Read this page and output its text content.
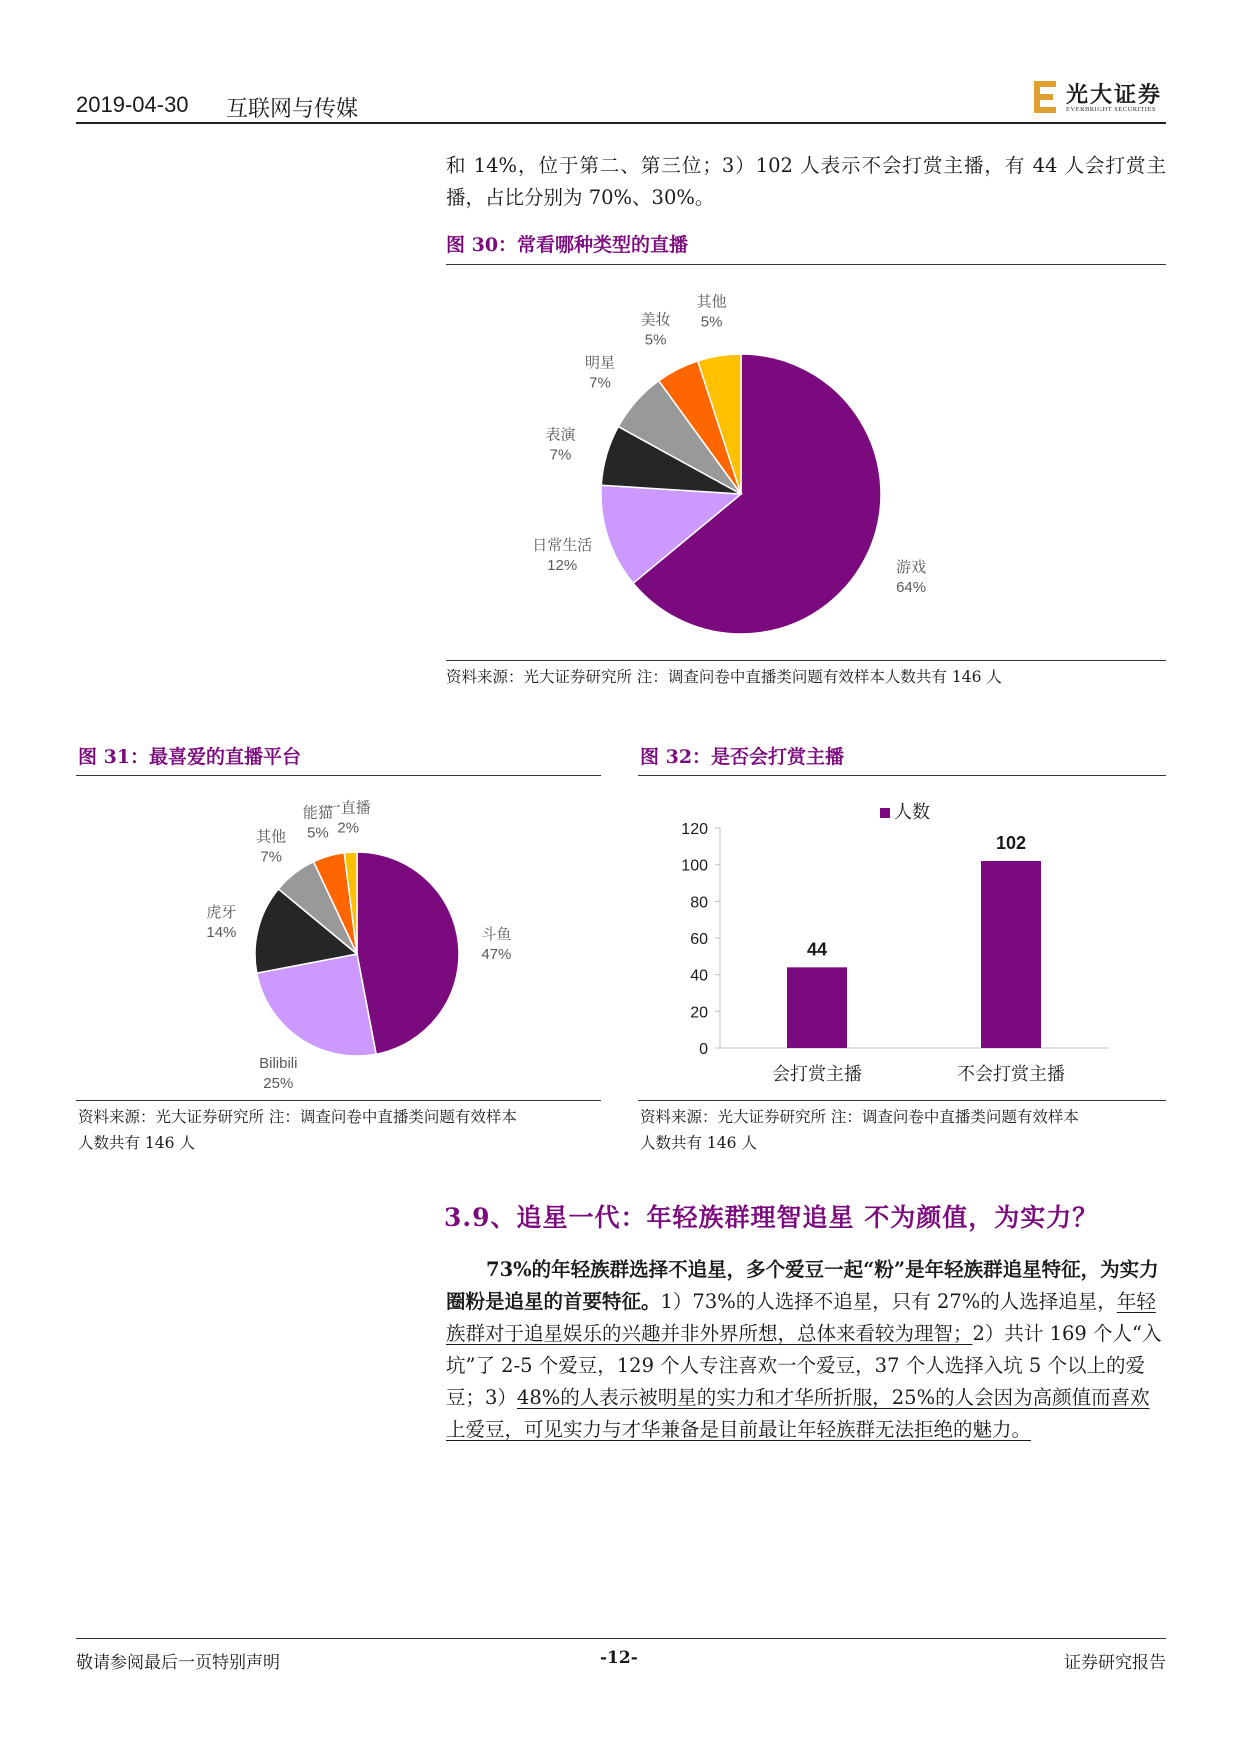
2019-04-30 互联网与传媒
光大证券
EVERBRIGHT SECURITIES
和 14%，位于第二、第三位；3）102 人表示不会打赏主播，有 44 人会打赏主播，占比分别为 70%、30%。
图 30：常看哪种类型的直播
游戏
64%
日常生活
12%
表演
7%
明星
7%
美妆
5%
其他
5%
资料来源：光大证券研究所 注：调查问卷中直播类问题有效样本人数共有 146 人
图 31：最喜爱的直播平台
斗鱼
47%
Bilibili
25%
虎牙
14%
其他
7%
能猫
5%
一直播
2%
资料来源：光大证券研究所 注：调查问卷中直播类问题有效样本
人数共有 146 人
图 32：是否会打赏主播
0
20
40
60
80
100
120
44
会打赏主播
102
不会打赏主播
人数
资料来源：光大证券研究所 注：调查问卷中直播类问题有效样本
人数共有 146 人
3.9、追星一代：年轻族群理智追星 不为颜值，为实力？
73%的年轻族群选择不追星，多个爱豆一起“粉”是年轻族群追星特征，为实力圈粉是追星的首要特征。1）73%的人选择不追星，只有 27%的人选择追星，年轻族群对于追星娱乐的兴趣并非外界所想，总体来看较为理智；2）共计 169 个人“入坑”了 2-5 个爱豆，129 个人专注喜欢一个爱豆，37 个人选择入坑 5 个以上的爱豆；3）48%的人表示被明星的实力和才华所折服，25%的人会因为高颜值而喜欢上爱豆，可见实力与才华兼备是目前最让年轻族群无法拒绝的魅力。
敬请参阅最后一页特别声明	-12-	证券研究报告
